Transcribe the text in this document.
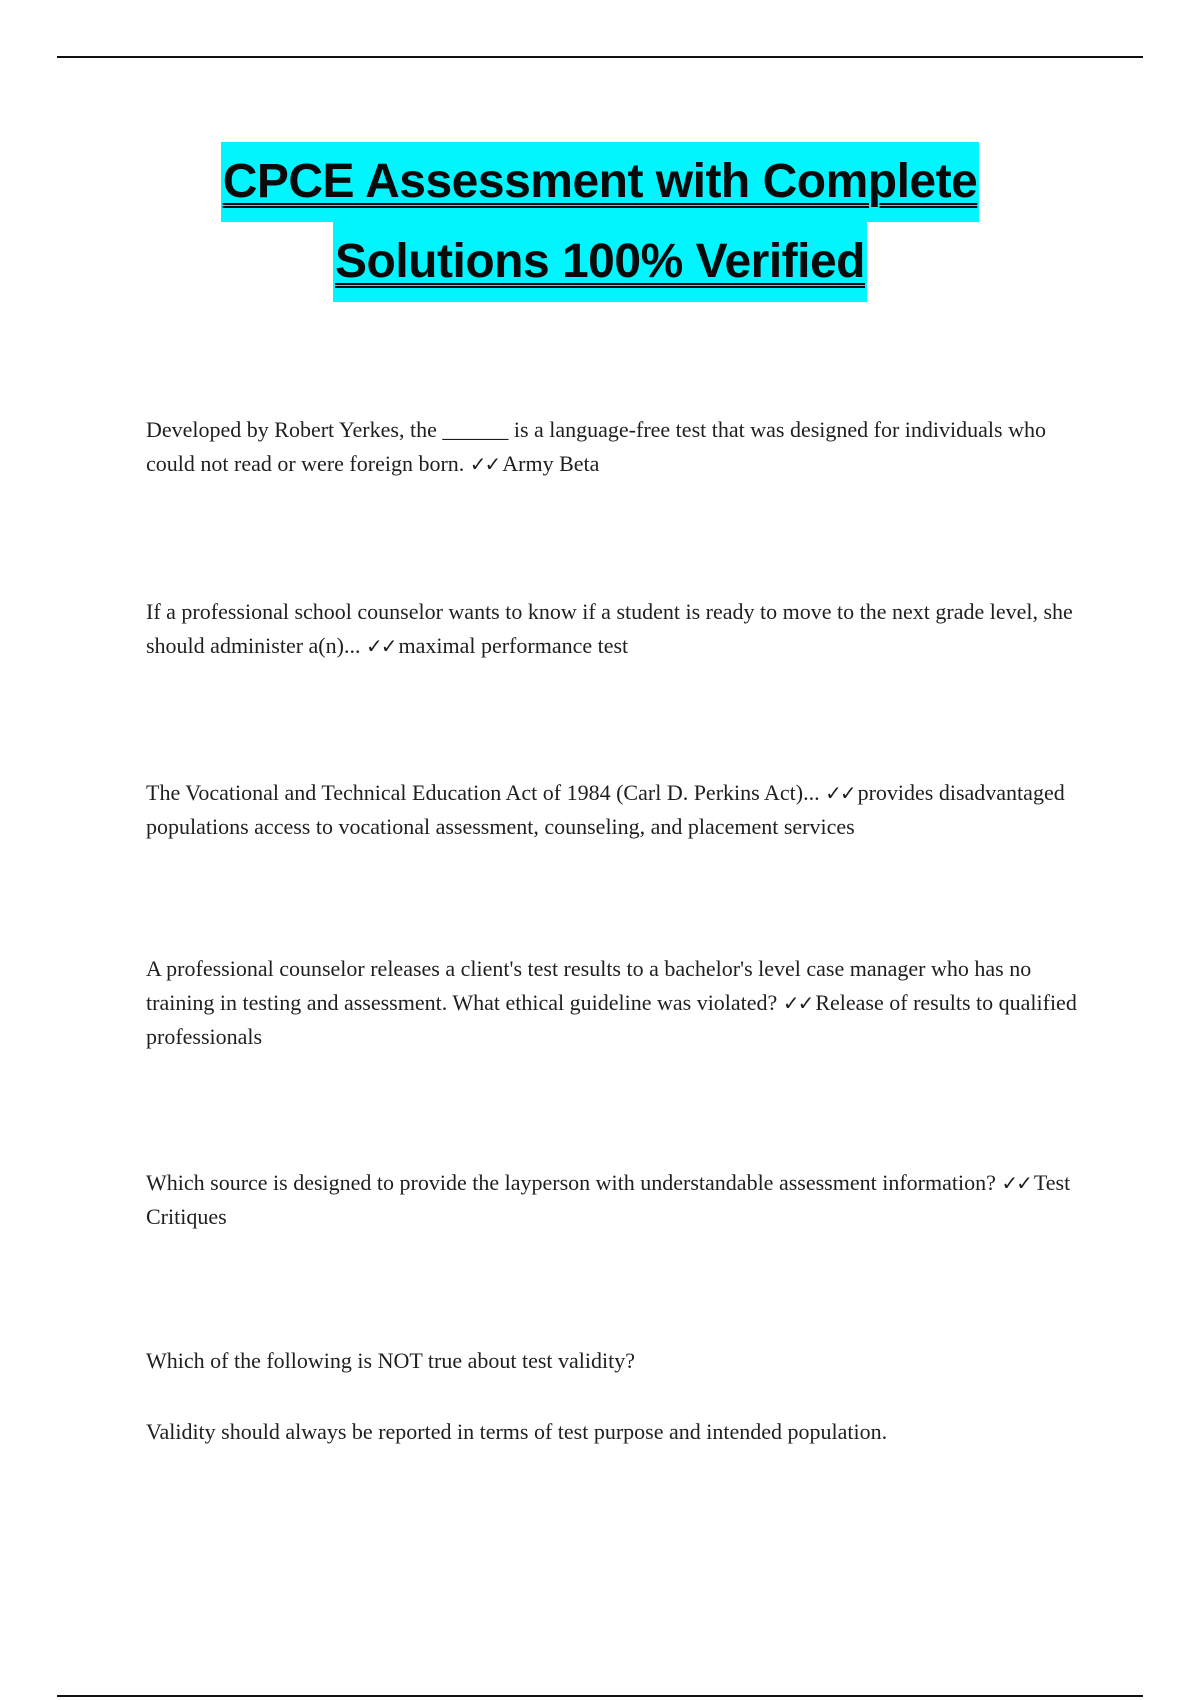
CPCE Assessment with Complete
Solutions 100% Verified

Developed by Robert Yerkes, the ______ is a language-free test that was designed for individuals who could not read or were foreign born. ✓✓ Army Beta

If a professional school counselor wants to know if a student is ready to move to the next grade level, she should administer a(n)... ✓✓ maximal performance test

The Vocational and Technical Education Act of 1984 (Carl D. Perkins Act)... ✓✓ provides disadvantaged populations access to vocational assessment, counseling, and placement services

A professional counselor releases a client's test results to a bachelor's level case manager who has no training in testing and assessment. What ethical guideline was violated? ✓✓ Release of results to qualified professionals

Which source is designed to provide the layperson with understandable assessment information? ✓✓ Test Critiques

Which of the following is NOT true about test validity?

Validity should always be reported in terms of test purpose and intended population.
